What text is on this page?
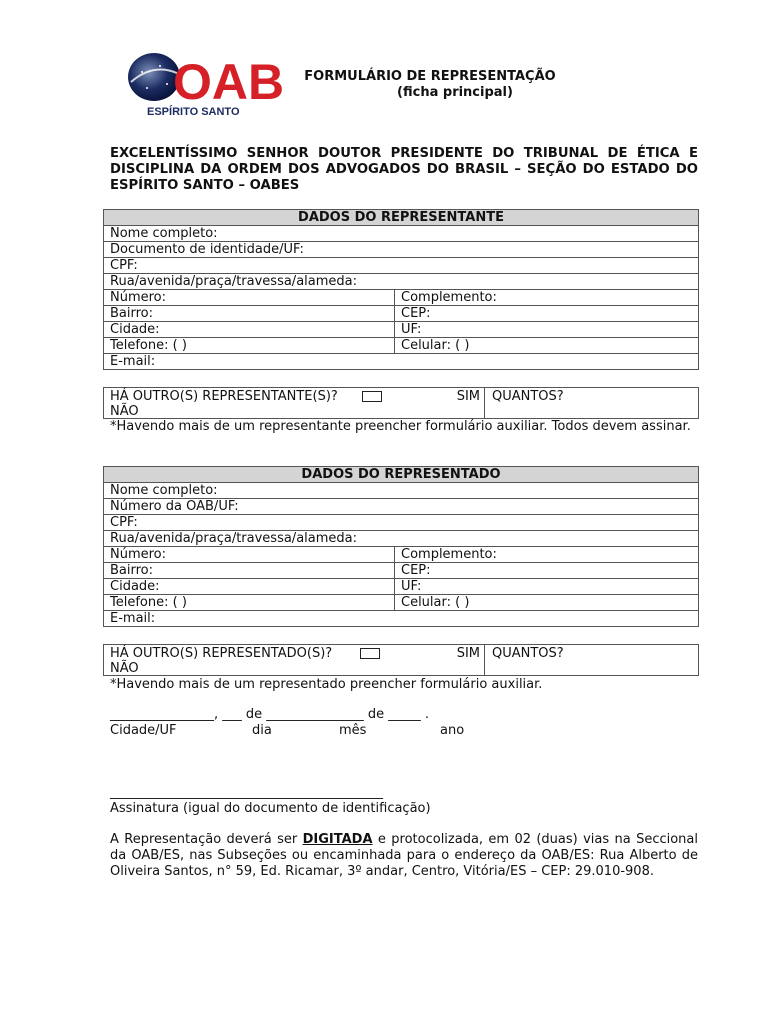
OAB
ESPÍRITO SANTO
FORMULÁRIO DE REPRESENTAÇÃO
(ficha principal)
EXCELENTÍSSIMO SENHOR DOUTOR PRESIDENTE DO TRIBUNAL DE ÉTICA E DISCIPLINA DA ORDEM DOS ADVOGADOS DO BRASIL – SEÇÃO DO ESTADO DO ESPÍRITO SANTO – OABES
DADOS DO REPRESENTANTE	
Nome completo:	
Documento de identidade/UF:	
CPF:	
Rua/avenida/praça/travessa/alameda:	
Número:	Complemento:
Bairro:	CEP:
Cidade:	UF:
Telefone: ( )	Celular: ( )
E-mail:	
HÁ OUTRO(S) REPRESENTANTE(S)?	SIM

NÃO
QUANTOS?
*Havendo mais de um representante preencher formulário auxiliar. Todos devem assinar.
DADOS DO REPRESENTADO	
Nome completo:	
Número da OAB/UF:	
CPF:	
Rua/avenida/praça/travessa/alameda:	
Número:	Complemento:
Bairro:	CEP:
Cidade:	UF:
Telefone: ( )	Celular: ( )
E-mail:	
HÁ OUTRO(S) REPRESENTADO(S)?	SIM

NÃO
QUANTOS?
*Havendo mais de um representado preencher formulário auxiliar.
________________, ___ de _______________ de _____ .
Cidade/UF	dia	mês	ano
__________________________________________
Assinatura (igual do documento de identificação)
A Representação deverá ser DIGITADA e protocolizada, em 02 (duas) vias na Seccional da OAB/ES, nas Subseções ou encaminhada para o endereço da OAB/ES: Rua Alberto de Oliveira Santos, n° 59, Ed. Ricamar, 3º andar, Centro, Vitória/ES – CEP: 29.010-908.
